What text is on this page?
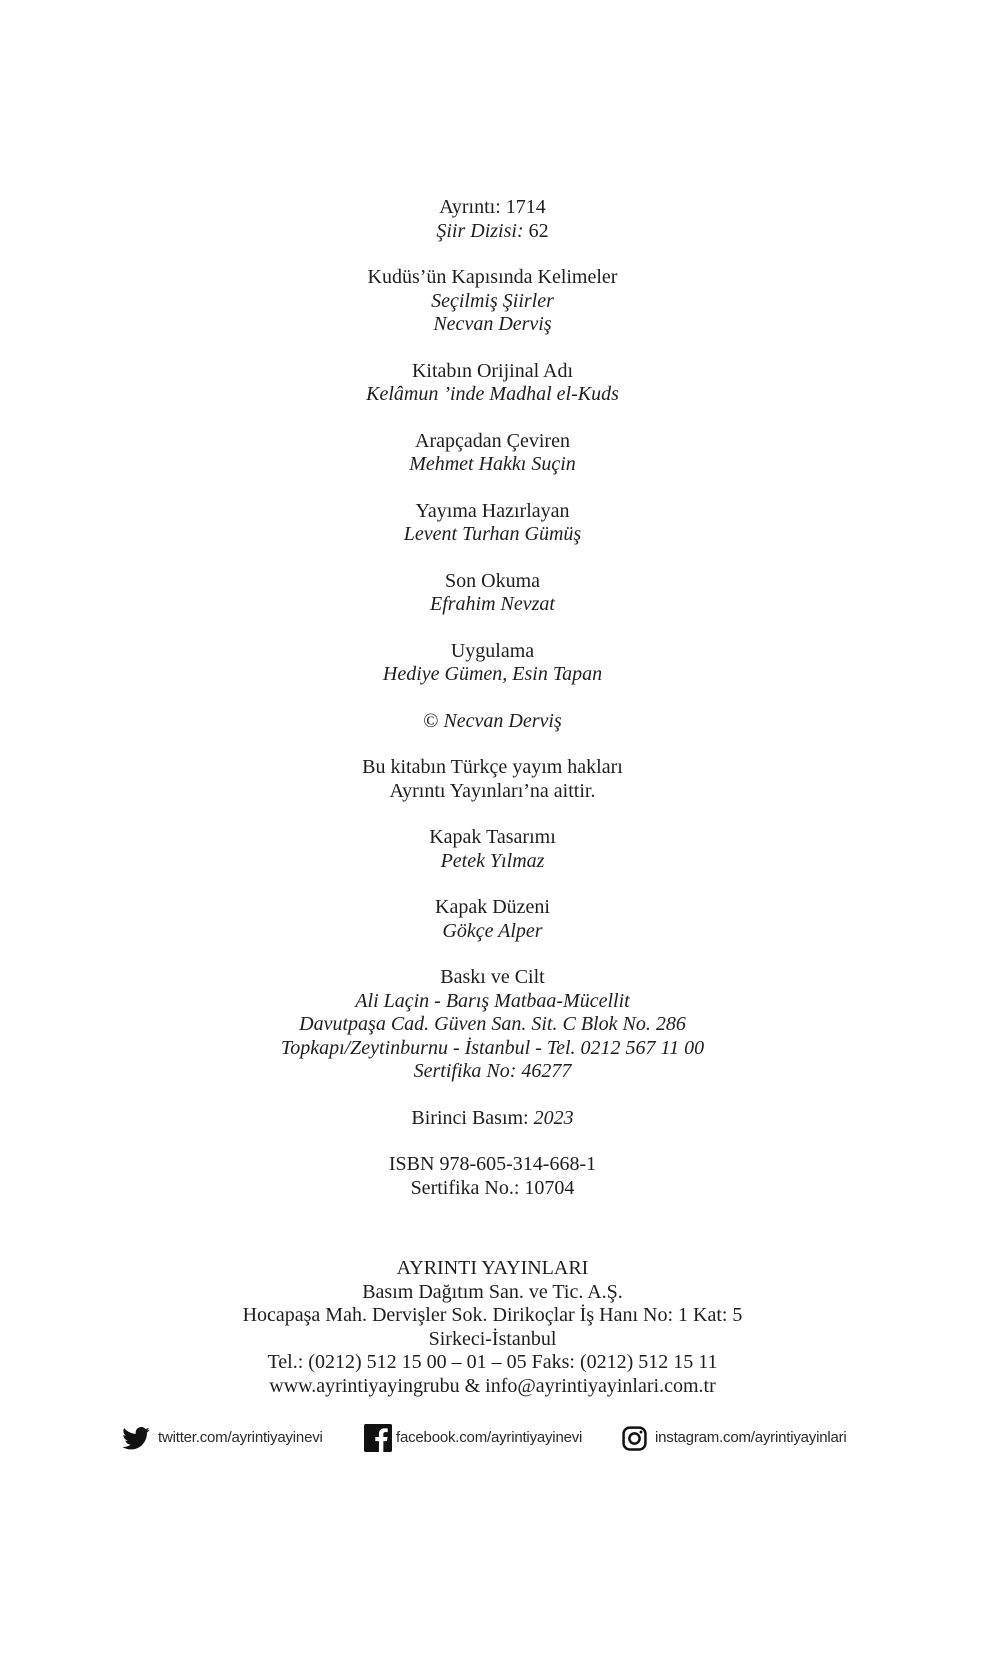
Ayrıntı: 1714
Şiir Dizisi: 62
Kudüs’ün Kapısında Kelimeler
Seçilmiş Şiirler
Necvan Derviş
Kitabın Orijinal Adı
Kelâmun ’inde Madhal el-Kuds
Arapçadan Çeviren
Mehmet Hakkı Suçin
Yayıma Hazırlayan
Levent Turhan Gümüş
Son Okuma
Efrahim Nevzat
Uygulama
Hediye Gümen, Esin Tapan
© Necvan Derviş
Bu kitabın Türkçe yayım hakları
Ayrıntı Yayınları’na aittir.
Kapak Tasarımı
Petek Yılmaz
Kapak Düzeni
Gökçe Alper
Baskı ve Cilt
Ali Laçin - Barış Matbaa-Mücellit
Davutpaşa Cad. Güven San. Sit. C Blok No. 286
Topkapı/Zeytinburnu - İstanbul - Tel. 0212 567 11 00
Sertifika No: 46277
Birinci Basım: 2023
ISBN 978-605-314-668-1
Sertifika No.: 10704
AYRINTI YAYINLARI
Basım Dağıtım San. ve Tic. A.Ş.
Hocapaşa Mah. Dervişler Sok. Dirikoçlar İş Hanı No: 1 Kat: 5
Sirkeci-İstanbul
Tel.: (0212) 512 15 00 – 01 – 05 Faks: (0212) 512 15 11
www.ayrintiyayingrubu & info@ayrintiyayinlari.com.tr
twitter.com/ayrintiyayinevi	facebook.com/ayrintiyayinevi	instagram.com/ayrintiyayinlari
